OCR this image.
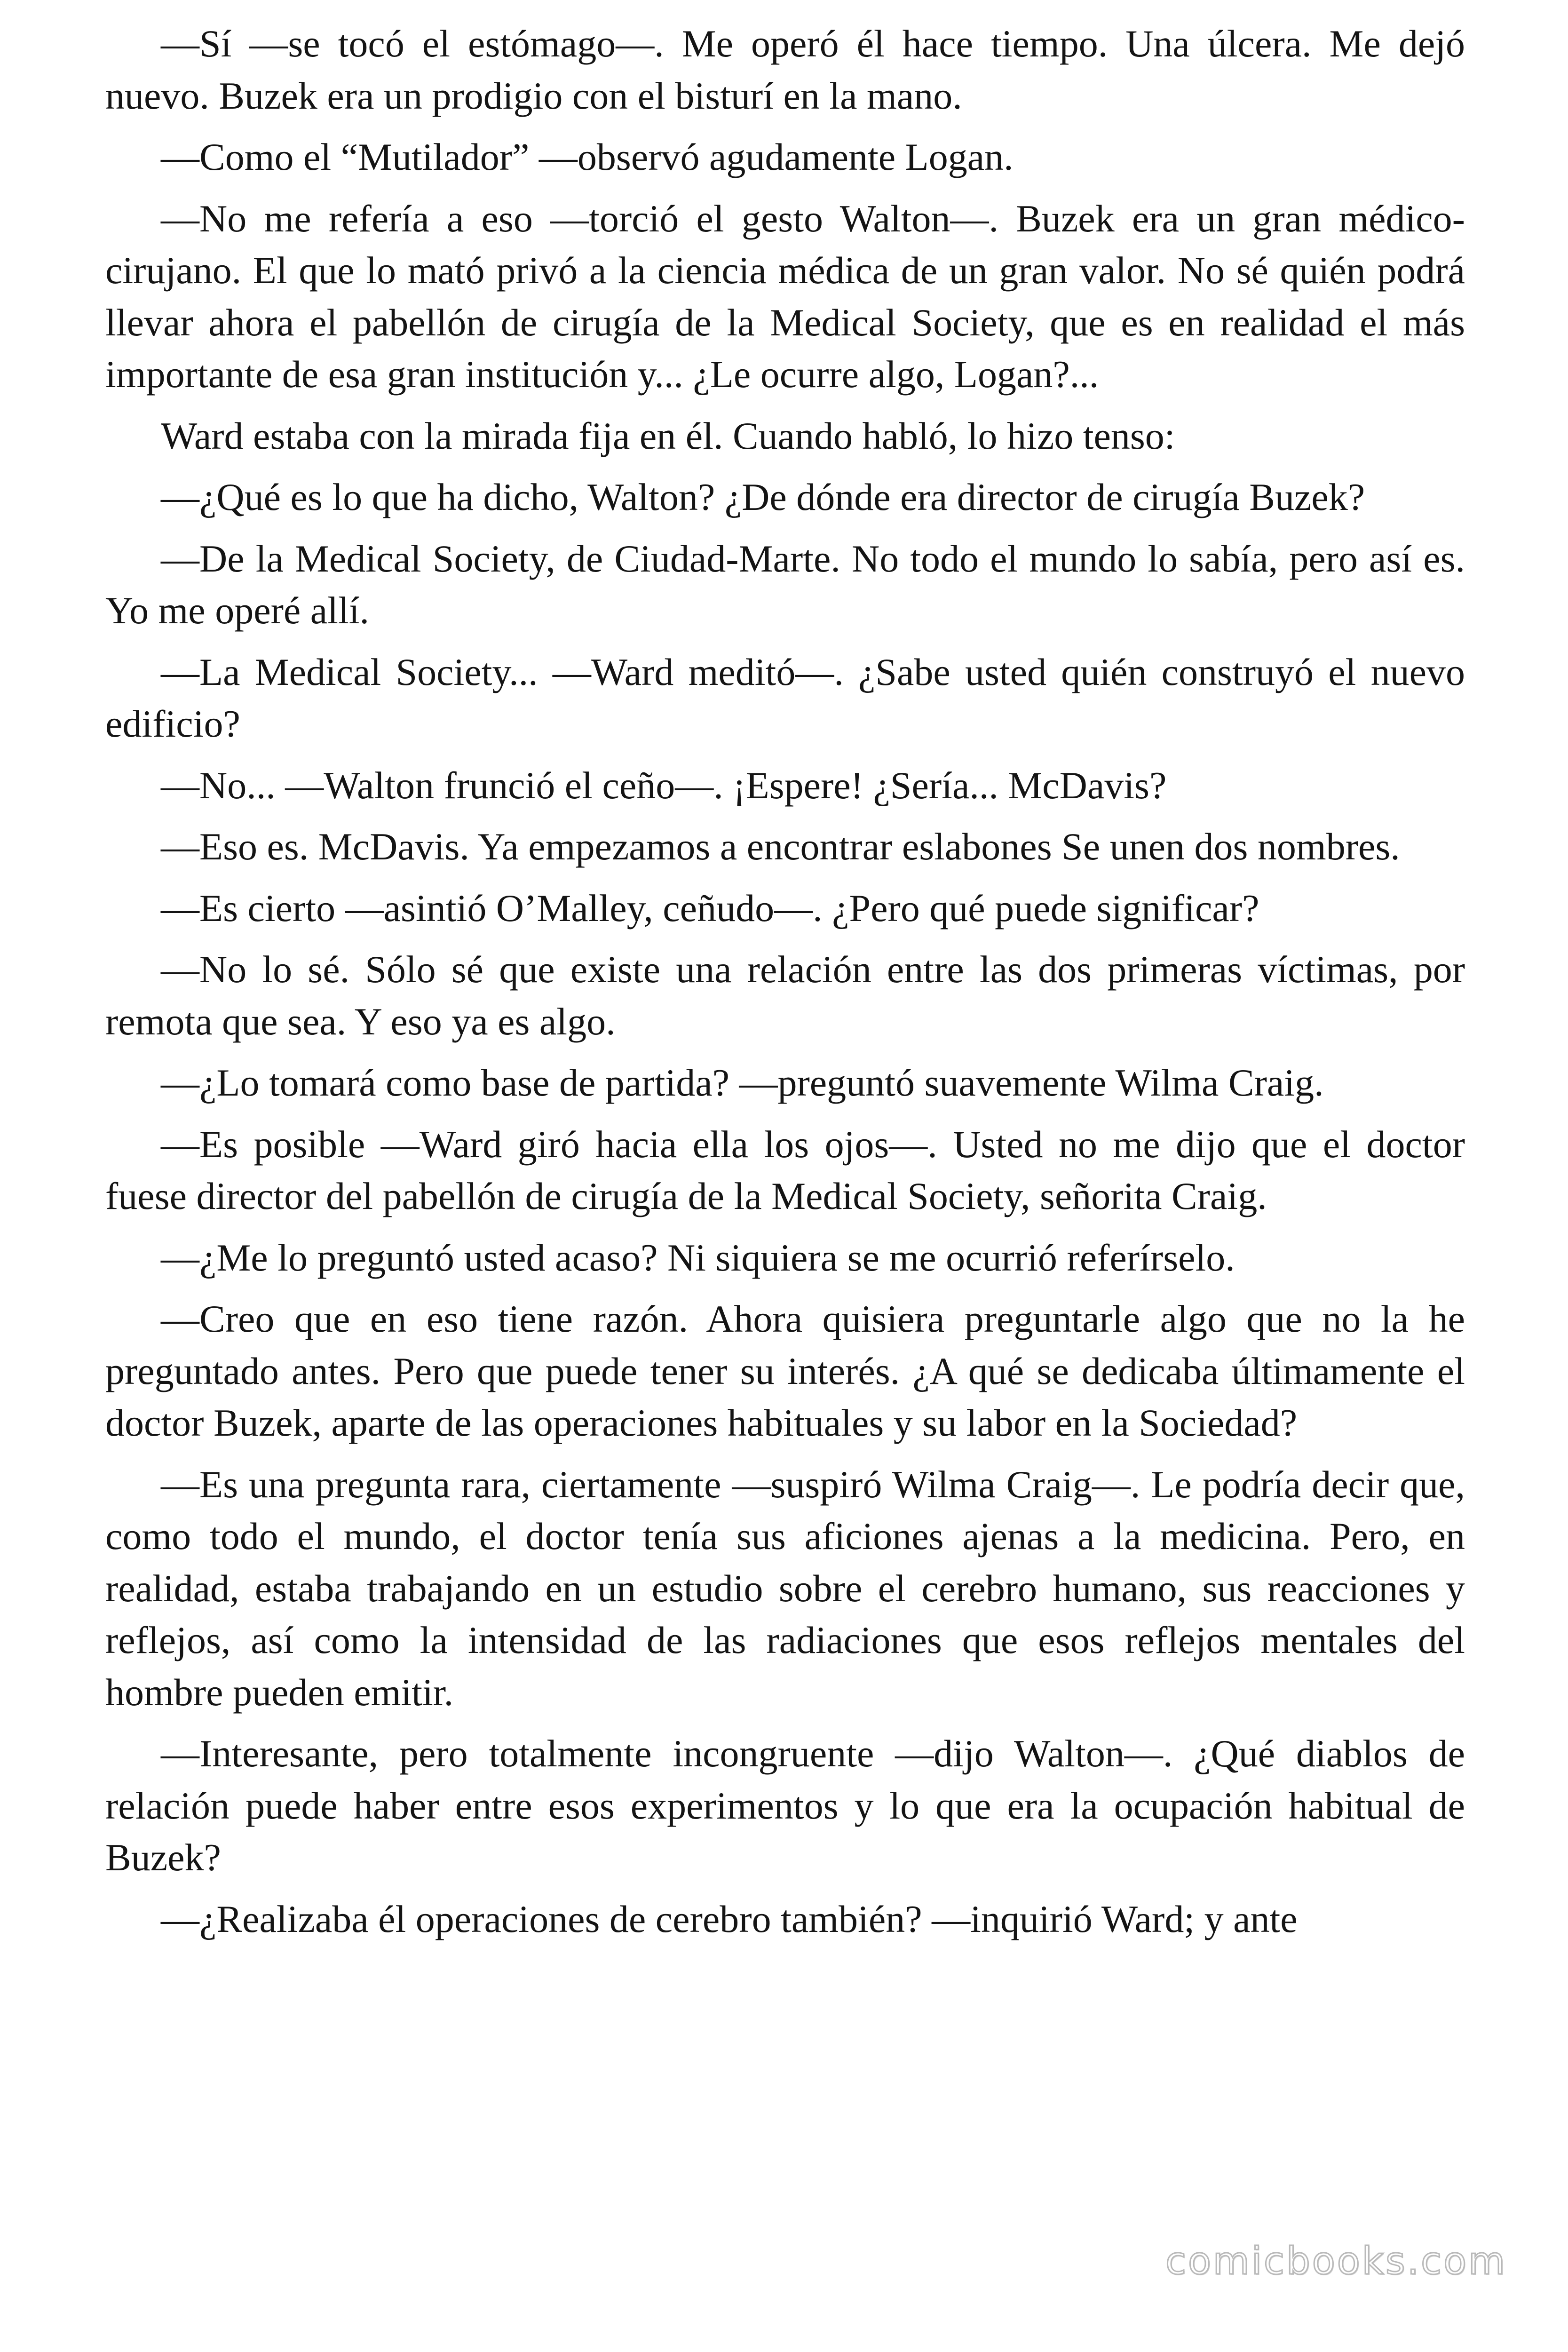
—Sí —se tocó el estómago—. Me operó él hace tiempo. Una úlcera. Me dejó nuevo. Buzek era un prodigio con el bisturí en la mano.

—Como el “Mutilador” —observó agudamente Logan.

—No me refería a eso —torció el gesto Walton—. Buzek era un gran médico-cirujano. El que lo mató privó a la ciencia médica de un gran valor. No sé quién podrá llevar ahora el pabellón de cirugía de la Medical Society, que es en realidad el más importante de esa gran institución y... ¿Le ocurre algo, Logan?...

Ward estaba con la mirada fija en él. Cuando habló, lo hizo tenso:

—¿Qué es lo que ha dicho, Walton? ¿De dónde era director de cirugía Buzek?

—De la Medical Society, de Ciudad-Marte. No todo el mundo lo sabía, pero así es. Yo me operé allí.

—La Medical Society... —Ward meditó—. ¿Sabe usted quién construyó el nuevo edificio?

—No... —Walton frunció el ceño—. ¡Espere! ¿Sería... McDavis?

—Eso es. McDavis. Ya empezamos a encontrar eslabones Se unen dos nombres.

—Es cierto —asintió O’Malley, ceñudo—. ¿Pero qué puede significar?

—No lo sé. Sólo sé que existe una relación entre las dos primeras víctimas, por remota que sea. Y eso ya es algo.

—¿Lo tomará como base de partida? —preguntó suavemente Wilma Craig.

—Es posible —Ward giró hacia ella los ojos—. Usted no me dijo que el doctor fuese director del pabellón de cirugía de la Medical Society, señorita Craig.

—¿Me lo preguntó usted acaso? Ni siquiera se me ocurrió referírselo.

—Creo que en eso tiene razón. Ahora quisiera preguntarle algo que no la he preguntado antes. Pero que puede tener su interés. ¿A qué se dedicaba últimamente el doctor Buzek, aparte de las operaciones habituales y su labor en la Sociedad?

—Es una pregunta rara, ciertamente —suspiró Wilma Craig—. Le podría decir que, como todo el mundo, el doctor tenía sus aficiones ajenas a la medicina. Pero, en realidad, estaba trabajando en un estudio sobre el cerebro humano, sus reacciones y reflejos, así como la intensidad de las radiaciones que esos reflejos mentales del hombre pueden emitir.

—Interesante, pero totalmente incongruente —dijo Walton—. ¿Qué diablos de relación puede haber entre esos experimentos y lo que era la ocupación habitual de Buzek?

—¿Realizaba él operaciones de cerebro también? —inquirió Ward; y ante

comicbooks.com
